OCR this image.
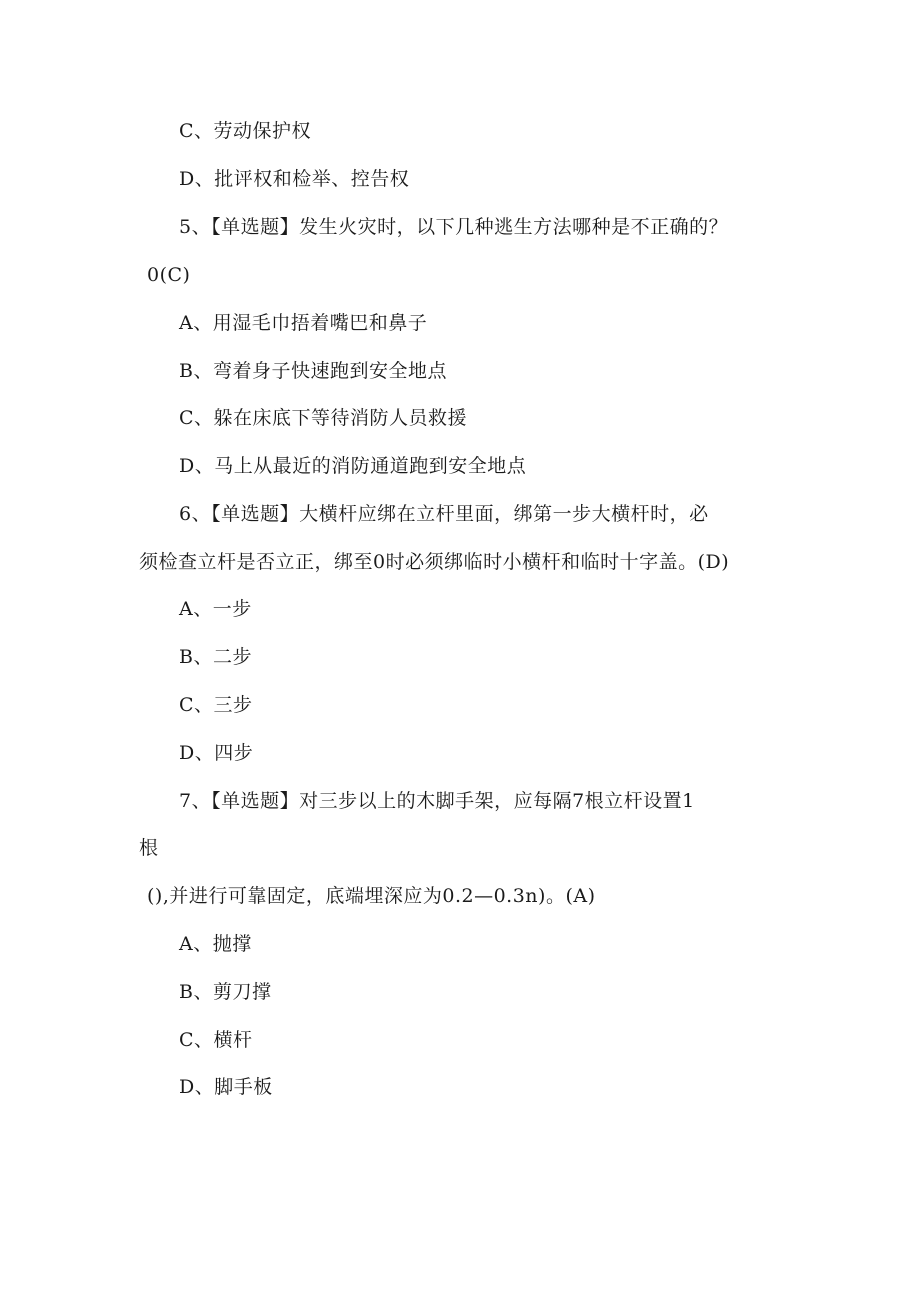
C、劳动保护权
D、批评权和检举、控告权
5、【单选题】发生火灾时，以下几种逃生方法哪种是不正确的？
0(C)
A、用湿毛巾捂着嘴巴和鼻子
B、弯着身子快速跑到安全地点
C、躲在床底下等待消防人员救援
D、马上从最近的消防通道跑到安全地点
6、【单选题】大横杆应绑在立杆里面，绑第一步大横杆时，必
须检查立杆是否立正，绑至0时必须绑临时小横杆和临时十字盖。(D)
A、一步
B、二步
C、三步
D、四步
7、【单选题】对三步以上的木脚手架，应每隔7根立杆设置1
根
(),并进行可靠固定，底端埋深应为0.2—0.3n)。(A)
A、抛撑
B、剪刀撑
C、横杆
D、脚手板
